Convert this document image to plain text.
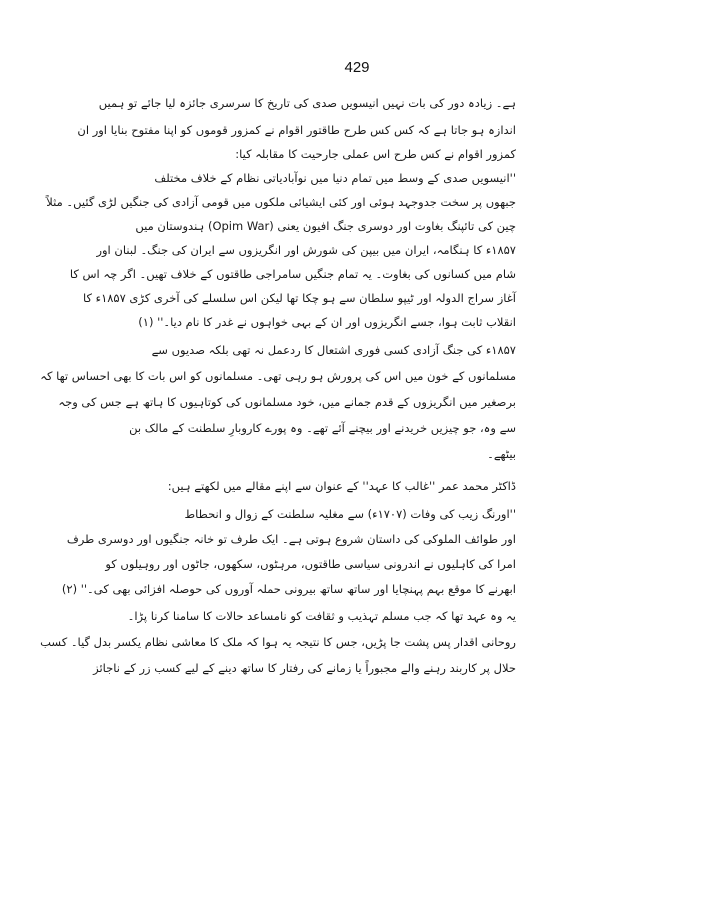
429
ہے۔ زیادہ دور کی بات نہیں انیسویں صدی کی تاریخ کا سرسری جائزہ لیا جائے تو ہمیں
اندازہ ہو جاتا ہے کہ کس کس طرح طاقتور اقوام نے کمزور قوموں کو اپنا مفتوح بنایا اور ان
کمزور اقوام نے کس طرح اس عملی جارحیت کا مقابلہ کیا:
''انیسویں صدی کے وسط میں تمام دنیا میں نوآبادیاتی نظام کے خلاف مختلف
جبھوں پر سخت جدوجہد ہوئی اور کئی ایشیائی ملکوں میں قومی آزادی کی جنگیں لڑی گئیں۔ مثلاً
چین کی تائپنگ بغاوت اور دوسری جنگ افیون یعنی (Opim War) ہندوستان میں
۱۸۵۷ء کا ہنگامہ، ایران میں بیپن کی شورش اور انگریزوں سے ایران کی جنگ۔ لبنان اور
شام میں کسانوں کی بغاوت۔ یہ تمام جنگیں سامراجی طاقتوں کے خلاف تھیں۔ اگر چہ اس کا
آغاز سراج الدولہ اور ٹیپو سلطان سے ہو چکا تھا لیکن اس سلسلے کی آخری کڑی ۱۸۵۷ء کا
انقلاب ثابت ہوا، جسے انگریزوں اور ان کے بہی خواہوں نے غدر کا نام دیا۔'' (۱)
۱۸۵۷ء کی جنگ آزادی کسی فوری اشتعال کا ردعمل نہ تھی بلکہ صدیوں سے
مسلمانوں کے خون میں اس کی پرورش ہو رہی تھی۔ مسلمانوں کو اس بات کا بھی احساس تھا کہ
برصغیر میں انگریزوں کے قدم جمانے میں، خود مسلمانوں کی کوتاہیوں کا ہاتھ ہے جس کی وجہ
سے وہ، جو چیزیں خریدنے اور بیچنے آئے تھے۔ وہ پورے کاروبارِ سلطنت کے مالک بن
بیٹھے۔
ڈاکٹر محمد عمر ''غالب کا عہد'' کے عنوان سے اپنے مقالے میں لکھتے ہیں:
''اورنگ زیب کی وفات (۱۷۰۷ء) سے مغلیہ سلطنت کے زوال و انحطاط
اور طوائف الملوکی کی داستان شروع ہوتی ہے۔ ایک طرف تو خانہ جنگیوں اور دوسری طرف
امرا کی کاہلیوں نے اندرونی سیاسی طاقتوں، مرہٹوں، سکھوں، جاٹوں اور روہیلوں کو
ابھرنے کا موقع بہم پہنچایا اور ساتھ ساتھ بیرونی حملہ آوروں کی حوصلہ افزائی بھی کی۔'' (۲)
یہ وہ عہد تھا کہ جب مسلم تہذیب و ثقافت کو نامساعد حالات کا سامنا کرنا پڑا۔
روحانی اقدار پس پشت جا پڑیں، جس کا نتیجہ یہ ہوا کہ ملک کا معاشی نظام یکسر بدل گیا۔ کسب
حلال پر کاربند رہنے والے مجبوراً یا زمانے کی رفتار کا ساتھ دینے کے لیے کسب زر کے ناجائز
